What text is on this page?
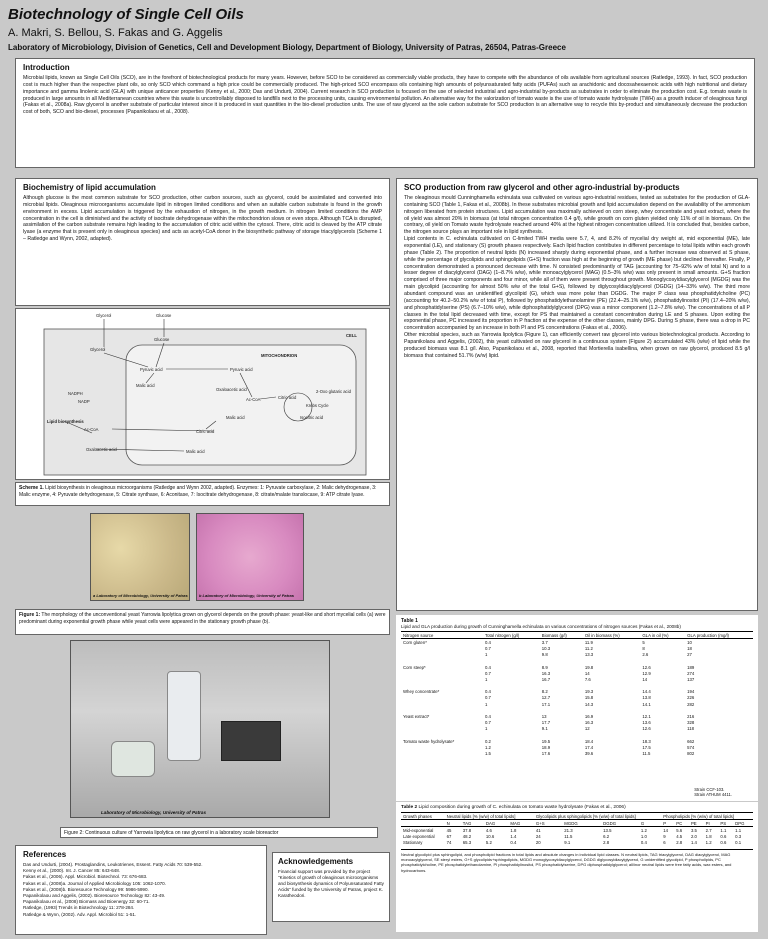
Biotechnology of Single Cell Oils
A. Makri, S. Bellou, S. Fakas and G. Aggelis
Laboratory of Microbiology, Division of Genetics, Cell and Development Biology, Department of Biology, University of Patras, 26504, Patras-Greece
Introduction

Microbial lipids, known as Single Cell Oils (SCO), are in the forefront of biotechnological products for many years. However, before SCO to be considered as commercially viable products, they have to compete with the abundance of oils available from agricultural sources (Ratledge, 1993). In fact, SCO production cost is much higher than the respective plant oils, so only SCO which command a high price could be commercially produced. The high-priced SCO encompass oils containing high amounts of polyunsaturated fatty acids (PUFAs) such as arachidonic and docosahexaenoic acids with high nutritional and dietary importance and gamma linolenic acid (GLA) with unique anticancer properties (Kenny et al., 2000; Das and Undurti, 2004). Current research in SCO production is focused on the use of selected industrial and agro-industrial by-products as substrates in order to eliminate the production cost. E.g. tomato waste is produced in large amounts in all Mediterranean countries where this waste is uncontrollably disposed to landfills next to the processing units, causing environmental pollution. An alternative way for the valorization of tomato waste is the use of tomato waste hydrolysate (TWH) as a growth inducer of oleaginous fungi (Fakas et al., 2008a). Raw glycerol is another substrate of particular interest since it is produced in vast quantities in the bio-diesel production units. The use of raw glycerol as the sole carbon substrate for SCO production is an alternative way to recycle this by-product and simultaneously decrease the production cost of both, SCO and bio-diesel, processes (Papanikolaou et al., 2008).

Biochemistry of lipid accumulation

Although glucose is the most common substrate for SCO production, other carbon sources, such as glycerol, could be assimilated and converted into microbial lipids. Oleaginous microorganisms accumulate lipid in nitrogen limited conditions and when an suitable carbon substrate is found in the growth environment in excess. Lipid accumulation is triggered by the exhaustion of nitrogen, in the growth medium. In nitrogen limited conditions the AMP concentration in the cell is diminished and the activity of isocitrate dehydrogenase within the mitochondrion slows or even stops. Although TCA is disrupted, assimilation of the carbon substrate remains high leading to the accumulation of citric acid within the cytosol. There, citric acid is cleaved by the ATP citrate lyase (a enzyme that is present only in oleaginous species) and acts as acetyl-CoA donor in the biosynthetic pathway of storage triacylglycerols (Scheme 1 – Ratledge and Wynn, 2002, adapted).

Glycerol	Glucose
CELL
Glycerol
Glucose
MITOCHONDRION
Pyruvic acid	Pyruvic acid
Malic acid
Oxaloacetic acid
Ac-CoA	Citric acid
Isocitric acid
2-Oxo glutaric acid
Krebs Cycle
Malic acid
Citric acid
Ac-CoA
Oxaloacetic acid	Malic acid
Lipid biosynthesis
NADPH
NADP
Scheme 1. Lipid biosynthesis in oleaginous microorganisms (Ratledge and Wynn 2002, adapted). Enzymes: 1: Pyruvate carboxylase, 2: Malic dehydrogenase, 3: Malic enzyme, 4: Pyruvate dehydrogenase, 5: Citrate synthase, 6: Aconitase, 7: Isocitrate dehydrogenase, 8: citrate/malate translocase, 9: ATP citrate lyase.
a Laboratory of Microbiology, University of Patras	b Laboratory of Microbiology, University of Patras
Figure 1: The morphology of the unconventional yeast Yarrowia lipolytica grown on glycerol depends on the growth phase: yeast-like and short mycelial cells (a) were predominant during exponential growth phase while yeast cells were appeared in the stationary growth phase (b).
Laboratory of Microbiology, University of Patras
Figure 2: Continuous culture of Yarrowia lipolytica on raw glycerol in a laboratory scale bioreactor
SCO production from raw glycerol and other agro-industrial by-products

The oleaginous mould Cunninghamella echinulata was cultivated on various agro-industrial residues, tested as substrates for the production of GLA-containing SCO (Table 1, Fakas et al., 2008b). In these substrates microbial growth and lipid accumulation depend on the availability of the ammonium nitrogen liberated from protein structures. Lipid accumulation was maximally achieved on corn steep, whey concentrate and yeast extract, where the oil yield was almost 20% in biomass (at total nitrogen concentration 0.4 g/l), while growth on corn gluten yielded only 11% of oil in biomass. On the contrary, oil yield on Tomato waste hydrolysate reached around 40% at the highest nitrogen concentration utilized. It is concluded that, besides carbon, the nitrogen source plays an important role in lipid synthesis.

Lipid contents in C. echinulata cultivated on C-limited TWH media were 5.7, 4, and 8.2% of mycelial dry weight at, mid exponential (ME), late exponential (LE), and stationary (S) growth phases respectively. Each lipid fraction contributes in different percentage to total lipids within each growth phase (Table 2). The proportion of neutral lipids (N) increased sharply during exponential phase, and a further increase was observed at S phase, while the percentage of glycolipids and sphingolipids (G+S) fraction was high at the beginning of growth (ME phase) but declined thereafter. Finally, P concentration demonstrated a pronounced decrease with time. N consisted predominantly of TAG (accounting for 75–92% w/w of total N) and to a lesser degree of diacylglycerol (DAG) (1–8.7% w/w), while monoacylglycerol (MAG) (0.5–3% w/w) was only present in small amounts. G+S fraction comprised of three major components and four minor, while all of them were present throughout growth. Monoglycosyldiacylglycerol (MGDG) was the main glycolipid (accounting for almost 50% w/w of the total G+S), followed by diglycosyldiacylglycerol (DGDG) (14–33% w/w). The third more abundant compound was an unidentified glycolipid (G), which was more polar than DGDG. The major P class was phosphatidylcholine (PC) (accounting for 40.2–50.2% w/w of total P), followed by phosphatidylethanolamine (PE) (22.4–25.1% w/w), phosphatidylinositol (PI) (17.4–20% w/w), and phosphatidylserine (PS) (6.7–10% w/w), while diphosphatidylglycerol (DPG) was a minor component (1.2–7.8% w/w). The concentrations of all P classes in the total lipid decreased with time, except for PS that maintained a constant concentration during LE and S phases. Upon exiting the exponential phase, PC increased its proportion in P fraction at the expense of the other classes, mainly DPG. During S phase, there was a drop in PC concentration accompanied by an increase in both PI and PS concentrations (Fakas et al., 2006).

Other microbial species, such as Yarrowia lipolytica (Figure 1), can efficiently convert raw glycerol into various biotechnological products. According to Papanikolaou and Aggelis, (2002), this yeast cultivated on raw glycerol in a continuous system (Figure 2) accumulated 43% (w/w) of lipid while the produced biomass was 8.1 g/l. Also, Papanikolaou et al., 2008, reported that Mortierella isabellina, when grown on raw glycerol, produced 8.5 g/l biomass that contained 51.7% (w/w) lipid.

Table 1
Lipid and GLA production during growth of Cunninghamella echinulata on various concentrations of nitrogen sources (Fakas et al., 2008b)
Nitrogen source	Total nitrogen (g/l)	Biomass (g/l)	Oil in biomass (%)	GLA in oil (%)	GLA production (mg/l)
Corn gluten*	0.4	3.7	11.9	5	10
	0.7	10.3	11.2	8	18
	1	9.8	13.3	2.6	27

Corn steep*	0.4	8.9	19.8	12.6	189
	0.7	16.3	14	12.9	274
	1	16.7	7.6	14	137

Whey concentrate*	0.4	8.2	19.3	14.4	194
	0.7	12.7	15.8	13.8	226
	1	17.1	14.3	14.1	282

Yeast extract*	0.4	13	16.9	12.1	216
	0.7	17.7	16.3	13.6	328
	1	9.1	12	12.6	118

Tomato waste hydrolysate*	0.2	19.5	18.4	18.3	662
	1.2	18.9	17.4	17.5	574
	1.5	17.6	39.6	11.5	802

Strain CCF-103.
Strain ATHUM 4411.
Table 2 Lipid composition during growth of C. echinulata on tomato waste hydrolysate (Fakas et al., 2006)
Growth phases	Neutral lipids [% (w/w) of total lipids]				Glycolipids plus sphingolipids [% (w/w) of total lipids]				Phospholipids [% (w/w) of total lipids]					
	N	TAG	DAG	MAG	G+S	MGDG	DGDG	G	P	PC	PE	PI	PS	DPG
Mid-exponential	45	37.8	4.6	1.8	41	21.3	13.5	1.2	14	5.6	3.5	2.7	1.1	1.1
Late exponential	67	48.2	10.6	1.4	24	11.5	6.2	1.0	9	4.5	2.0	1.8	0.6	0.3
Stationary	74	65.3	5.2	0.4	20	9.1	2.8	0.4	6	2.8	1.4	1.2	0.6	0.1
Neutral glycolipid plus sphingolipid, and phospholipid fractions in total lipids and absolute changes in individual lipid classes. N neutral lipids, TAG triacylglycerol, DAG diacylglycerol, MAG monoacylglycerol, SE steryl esters, G+S glycolipids+sphingolipids, MGDG monoglycosyldiacylglycerol, DGDG diglycosyldiacylglycerol, G unidentified glycolipid, P phospholipids, PC phosphatidylcholine, PE phosphatidylethanolamine, PI phosphatidylinositol, PS phosphatidylserine, DPG diphosphatidylglycerol; all/inor neutral lipids were free fatty acids, wax esters, and hydrocarbons.
References

Das and Undurti, (2004). Prostaglandins, Leukotrienes, Essent. Fatty Acids 70: 539-552.

Kenny et al., (2000). Int. J. Cancer 85: 643-648.

Fakas et al., (2006). Appl. Microbiol. Biotechnol. 73: 676-683.

Fakas et al., (2008)a. Journal of Applied Microbiology 105: 1062-1070.

Fakas et al., (2008)b. Bioresource Technology 99: 5986-5990.

Papanikolaou and Aggelis, (2002). Bioresource Technology 82: 43-49.

Papanikolaou et al., (2008) Biomass and Bioenergy 32: 60-71.

Ratledge, (1993) Trends in Biotechnology 11: 278-284.

Ratledge & Wynn, (2002). Adv. Appl. Microbiol 51: 1-51.

Acknowledgements

Financial support was provided by the project "Kinetics of growth of oleaginous microorganisms and biosynthesis dynamics of Polyunsaturated Fatty Acids" funded by the University of Patras, project K. Karatheodori.
